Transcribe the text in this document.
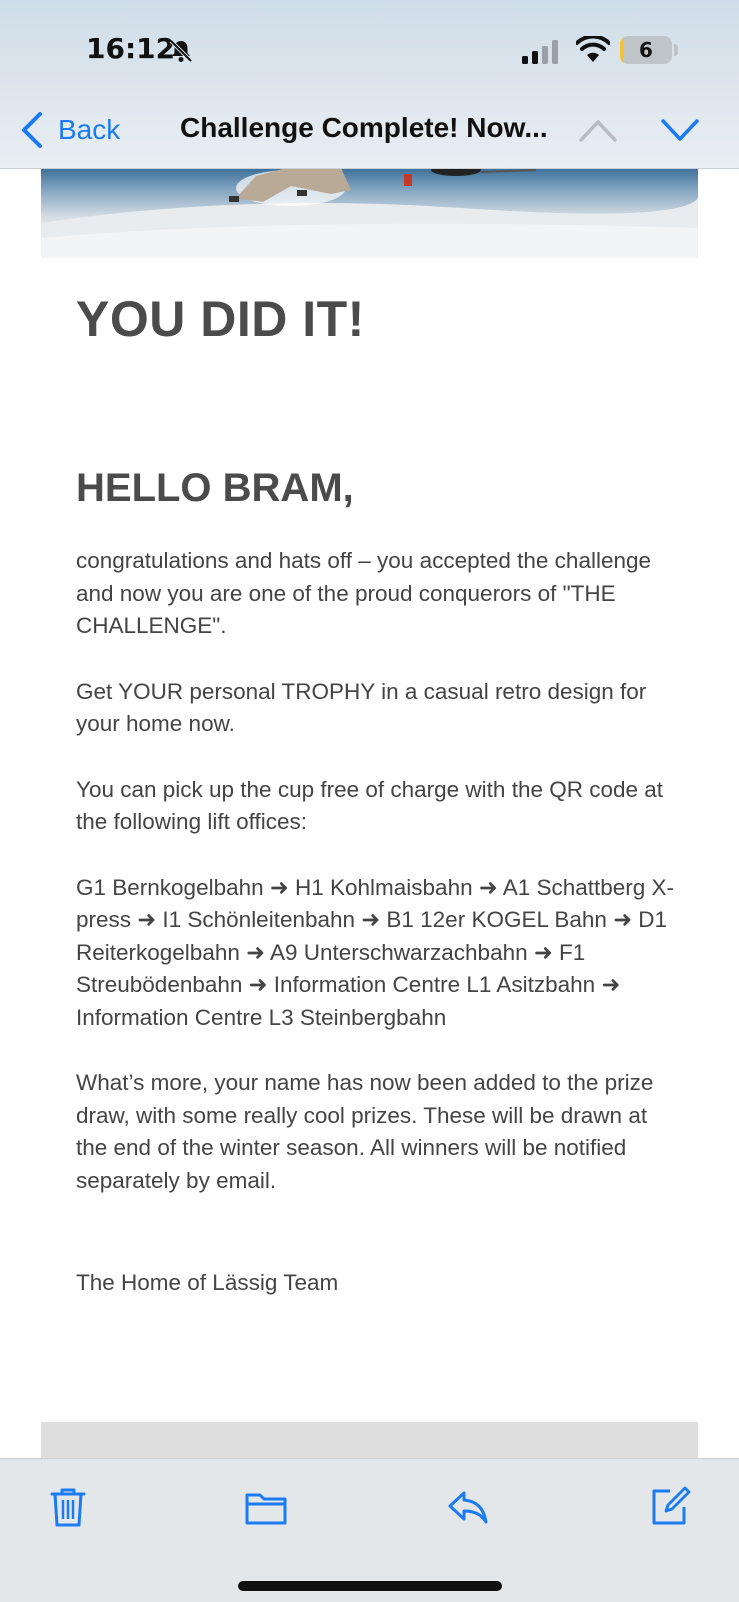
16:12	6
Back Challenge Complete! Now...
YOU DID IT!
HELLO BRAM,

congratulations and hats off – you accepted the challenge and now you are one of the proud conquerors of "THE CHALLENGE".

Get YOUR personal TROPHY in a casual retro design for your home now.

You can pick up the cup free of charge with the QR code at the following lift offices:

G1 Bernkogelbahn ➜ H1 Kohlmaisbahn ➜ A1 Schattberg X-press ➜ I1 Schönleitenbahn ➜ B1 12er KOGEL Bahn ➜ D1 Reiterkogelbahn ➜ A9 Unterschwarzachbahn ➜ F1 Streubödenbahn ➜ Information Centre L1 Asitzbahn ➜ Information Centre L3 Steinbergbahn

What’s more, your name has now been added to the prize draw, with some really cool prizes. These will be drawn at the end of the winter season. All winners will be notified separately by email.

The Home of Lässig Team
